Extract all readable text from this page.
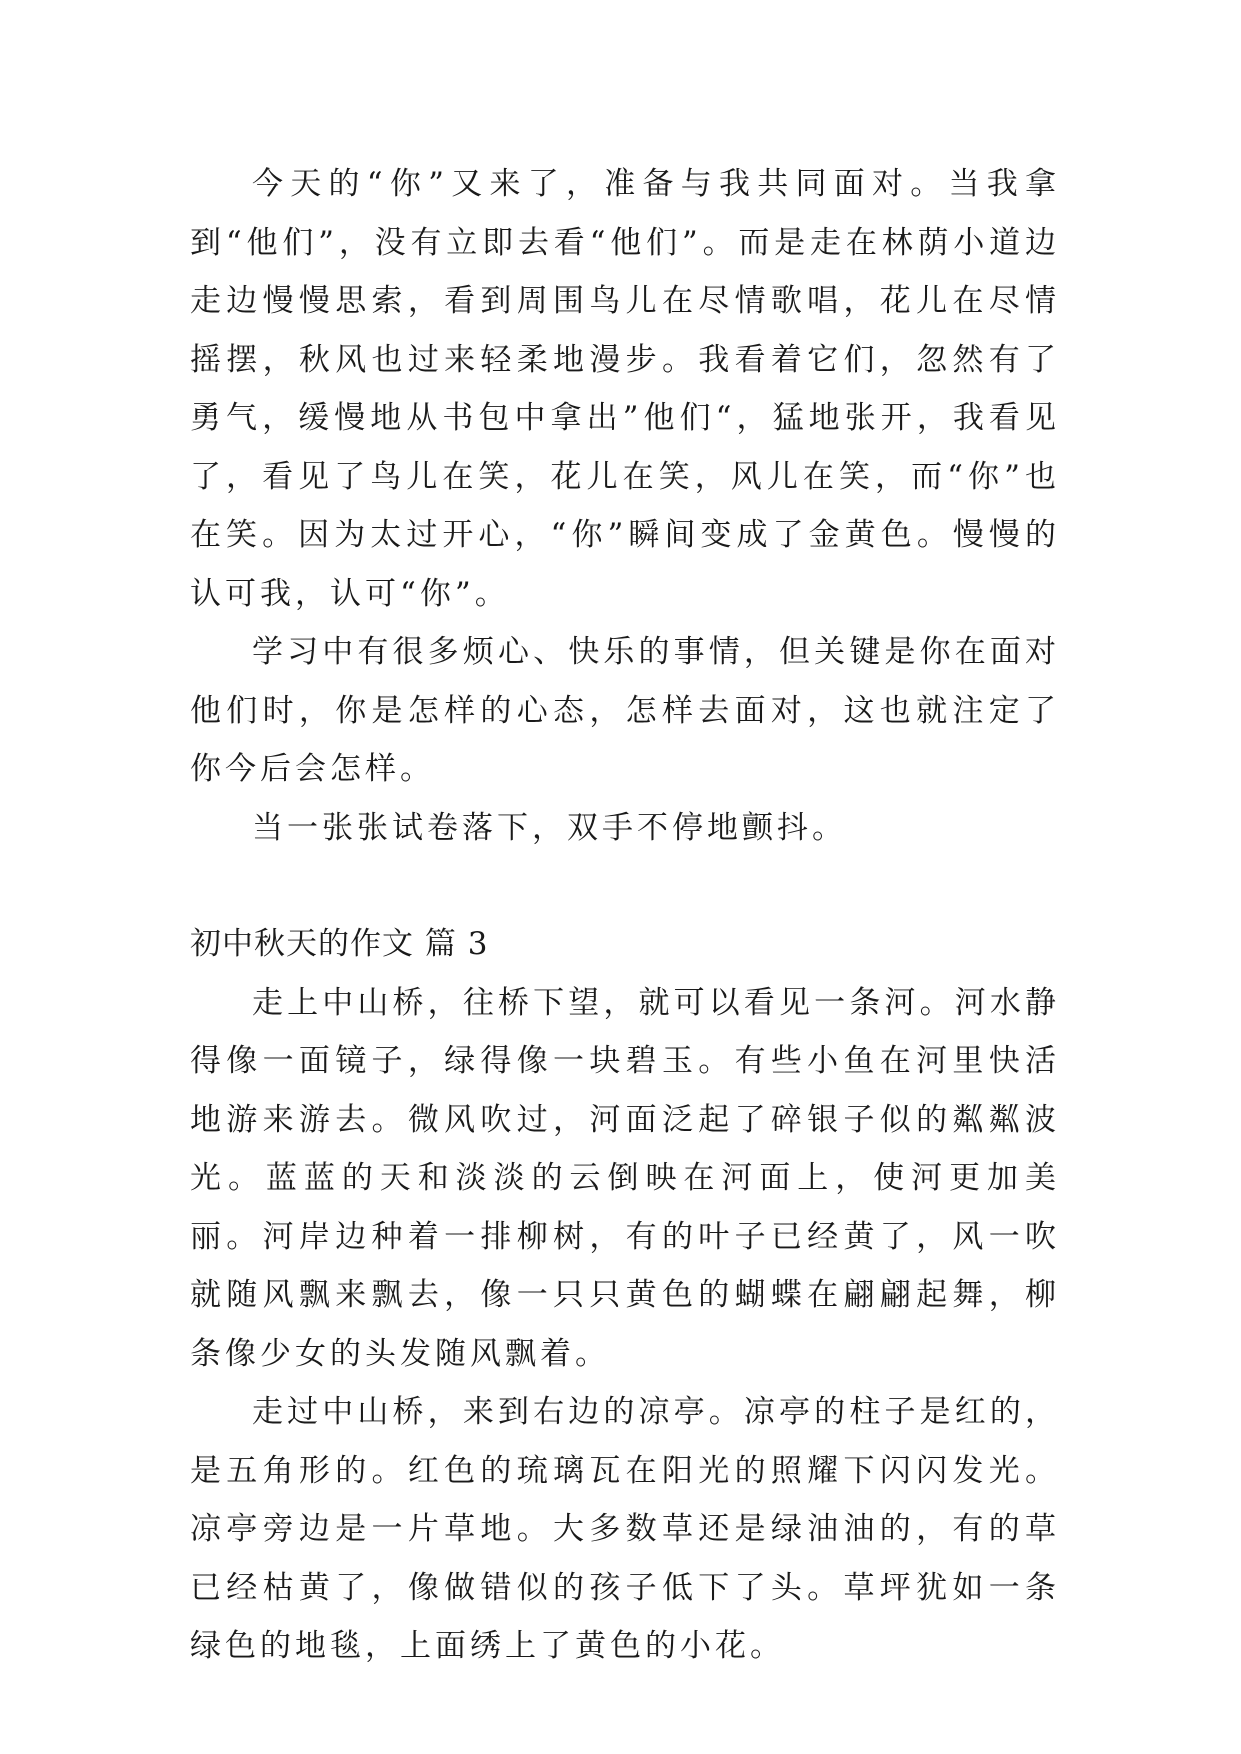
今天的“你”又来了，准备与我共同面对。当我拿到“他们”，没有立即去看“他们”。而是走在林荫小道边走边慢慢思索，看到周围鸟儿在尽情歌唱，花儿在尽情摇摆，秋风也过来轻柔地漫步。我看着它们，忽然有了勇气，缓慢地从书包中拿出”他们“，猛地张开，我看见了，看见了鸟儿在笑，花儿在笑，风儿在笑，而“你”也在笑。因为太过开心，“你”瞬间变成了金黄色。慢慢的认可我，认可“你”。

学习中有很多烦心、快乐的事情，但关键是你在面对他们时，你是怎样的心态，怎样去面对，这也就注定了你今后会怎样。

当一张张试卷落下，双手不停地颤抖。

初中秋天的作文 篇 3

走上中山桥，往桥下望，就可以看见一条河。河水静得像一面镜子，绿得像一块碧玉。有些小鱼在河里快活地游来游去。微风吹过，河面泛起了碎银子似的粼粼波光。蓝蓝的天和淡淡的云倒映在河面上，使河更加美丽。河岸边种着一排柳树，有的叶子已经黄了，风一吹就随风飘来飘去，像一只只黄色的蝴蝶在翩翩起舞，柳条像少女的头发随风飘着。

走过中山桥，来到右边的凉亭。凉亭的柱子是红的，是五角形的。红色的琉璃瓦在阳光的照耀下闪闪发光。凉亭旁边是一片草地。大多数草还是绿油油的，有的草已经枯黄了，像做错似的孩子低下了头。草坪犹如一条绿色的地毯，上面绣上了黄色的小花。
